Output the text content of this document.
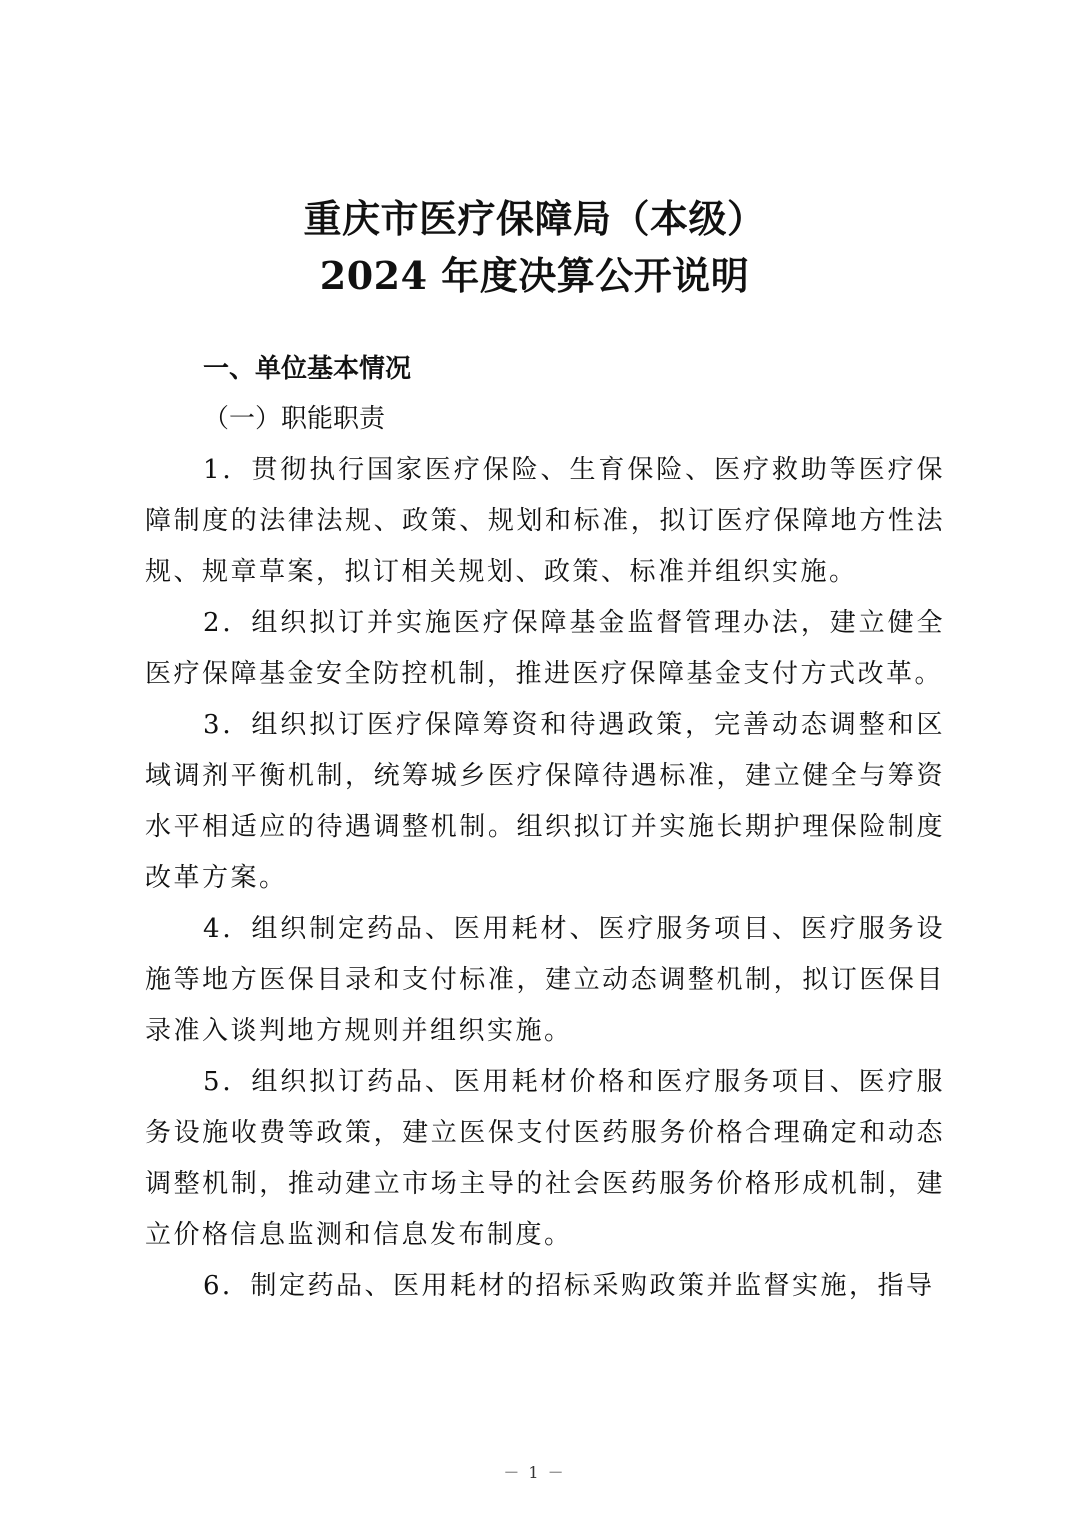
重庆市医疗保障局（本级）
2024 年度决算公开说明
一、单位基本情况
（一）职能职责

1．贯彻执行国家医疗保险、生育保险、医疗救助等医疗保障制度的法律法规、政策、规划和标准，拟订医疗保障地方性法规、规章草案，拟订相关规划、政策、标准并组织实施。

2．组织拟订并实施医疗保障基金监督管理办法，建立健全医疗保障基金安全防控机制，推进医疗保障基金支付方式改革。

3．组织拟订医疗保障筹资和待遇政策，完善动态调整和区域调剂平衡机制，统筹城乡医疗保障待遇标准，建立健全与筹资水平相适应的待遇调整机制。组织拟订并实施长期护理保险制度改革方案。

4．组织制定药品、医用耗材、医疗服务项目、医疗服务设施等地方医保目录和支付标准，建立动态调整机制，拟订医保目录准入谈判地方规则并组织实施。

5．组织拟订药品、医用耗材价格和医疗服务项目、医疗服务设施收费等政策，建立医保支付医药服务价格合理确定和动态调整机制，推动建立市场主导的社会医药服务价格形成机制，建立价格信息监测和信息发布制度。

6．制定药品、医用耗材的招标采购政策并监督实施，指导

－ 1 －
